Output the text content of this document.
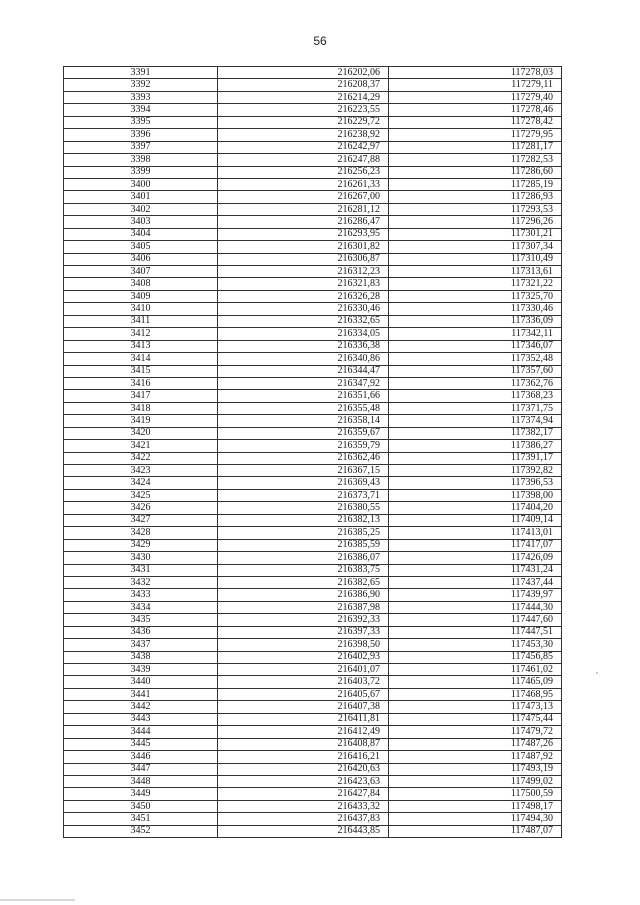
56
3391	216202,06	117278,03
3392	216208,37	117279,11
3393	216214,29	117279,40
3394	216223,55	117278,46
3395	216229,72	117278,42
3396	216238,92	117279,95
3397	216242,97	117281,17
3398	216247,88	117282,53
3399	216256,23	117286,60
3400	216261,33	117285,19
3401	216267,00	117286,93
3402	216281,12	117293,53
3403	216286,47	117296,26
3404	216293,95	117301,21
3405	216301,82	117307,34
3406	216306,87	117310,49
3407	216312,23	117313,61
3408	216321,83	117321,22
3409	216326,28	117325,70
3410	216330,46	117330,46
3411	216332,65	117336,09
3412	216334,05	117342,11
3413	216336,38	117346,07
3414	216340,86	117352,48
3415	216344,47	117357,60
3416	216347,92	117362,76
3417	216351,66	117368,23
3418	216355,48	117371,75
3419	216358,14	117374,94
3420	216359,67	117382,17
3421	216359,79	117386,27
3422	216362,46	117391,17
3423	216367,15	117392,82
3424	216369,43	117396,53
3425	216373,71	117398,00
3426	216380,55	117404,20
3427	216382,13	117409,14
3428	216385,25	117413,01
3429	216385,59	117417,07
3430	216386,07	117426,09
3431	216383,75	117431,24
3432	216382,65	117437,44
3433	216386,90	117439,97
3434	216387,98	117444,30
3435	216392,33	117447,60
3436	216397,33	117447,51
3437	216398,50	117453,30
3438	216402,93	117456,85
3439	216401,07	117461,02
3440	216403,72	117465,09
3441	216405,67	117468,95
3442	216407,38	117473,13
3443	216411,81	117475,44
3444	216412,49	117479,72
3445	216408,87	117487,26
3446	216416,21	117487,92
3447	216420,63	117493,19
3448	216423,63	117499,02
3449	216427,84	117500,59
3450	216433,32	117498,17
3451	216437,83	117494,30
3452	216443,85	117487,07
